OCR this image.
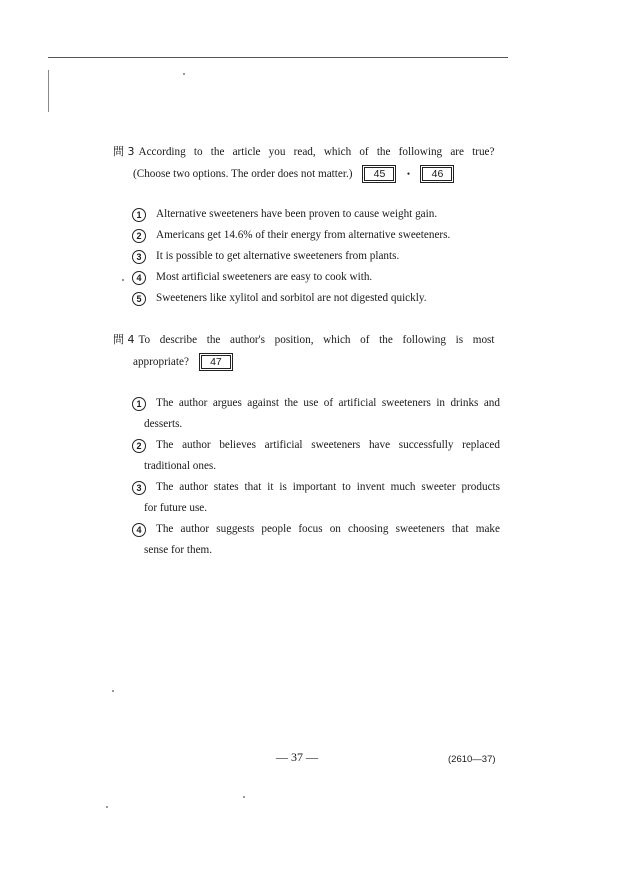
問 3 According to the article you read, which of the following are true?
(Choose two options. The order does not matter.)	45	・	46
1	Alternative sweeteners have been proven to cause weight gain.
2	Americans get 14.6% of their energy from alternative sweeteners.
3	It is possible to get alternative sweeteners from plants.
4	Most artificial sweeteners are easy to cook with.
5	Sweeteners like xylitol and sorbitol are not digested quickly.
問 4 To describe the author's position, which of the following is most
appropriate?	47
1	The author argues against the use of artificial sweeteners in drinks and
desserts.
2	The author believes artificial sweeteners have successfully replaced
traditional ones.
3	The author states that it is important to invent much sweeter products
for future use.
4	The author suggests people focus on choosing sweeteners that make
sense for them.
— 37 —	(2610—37)
